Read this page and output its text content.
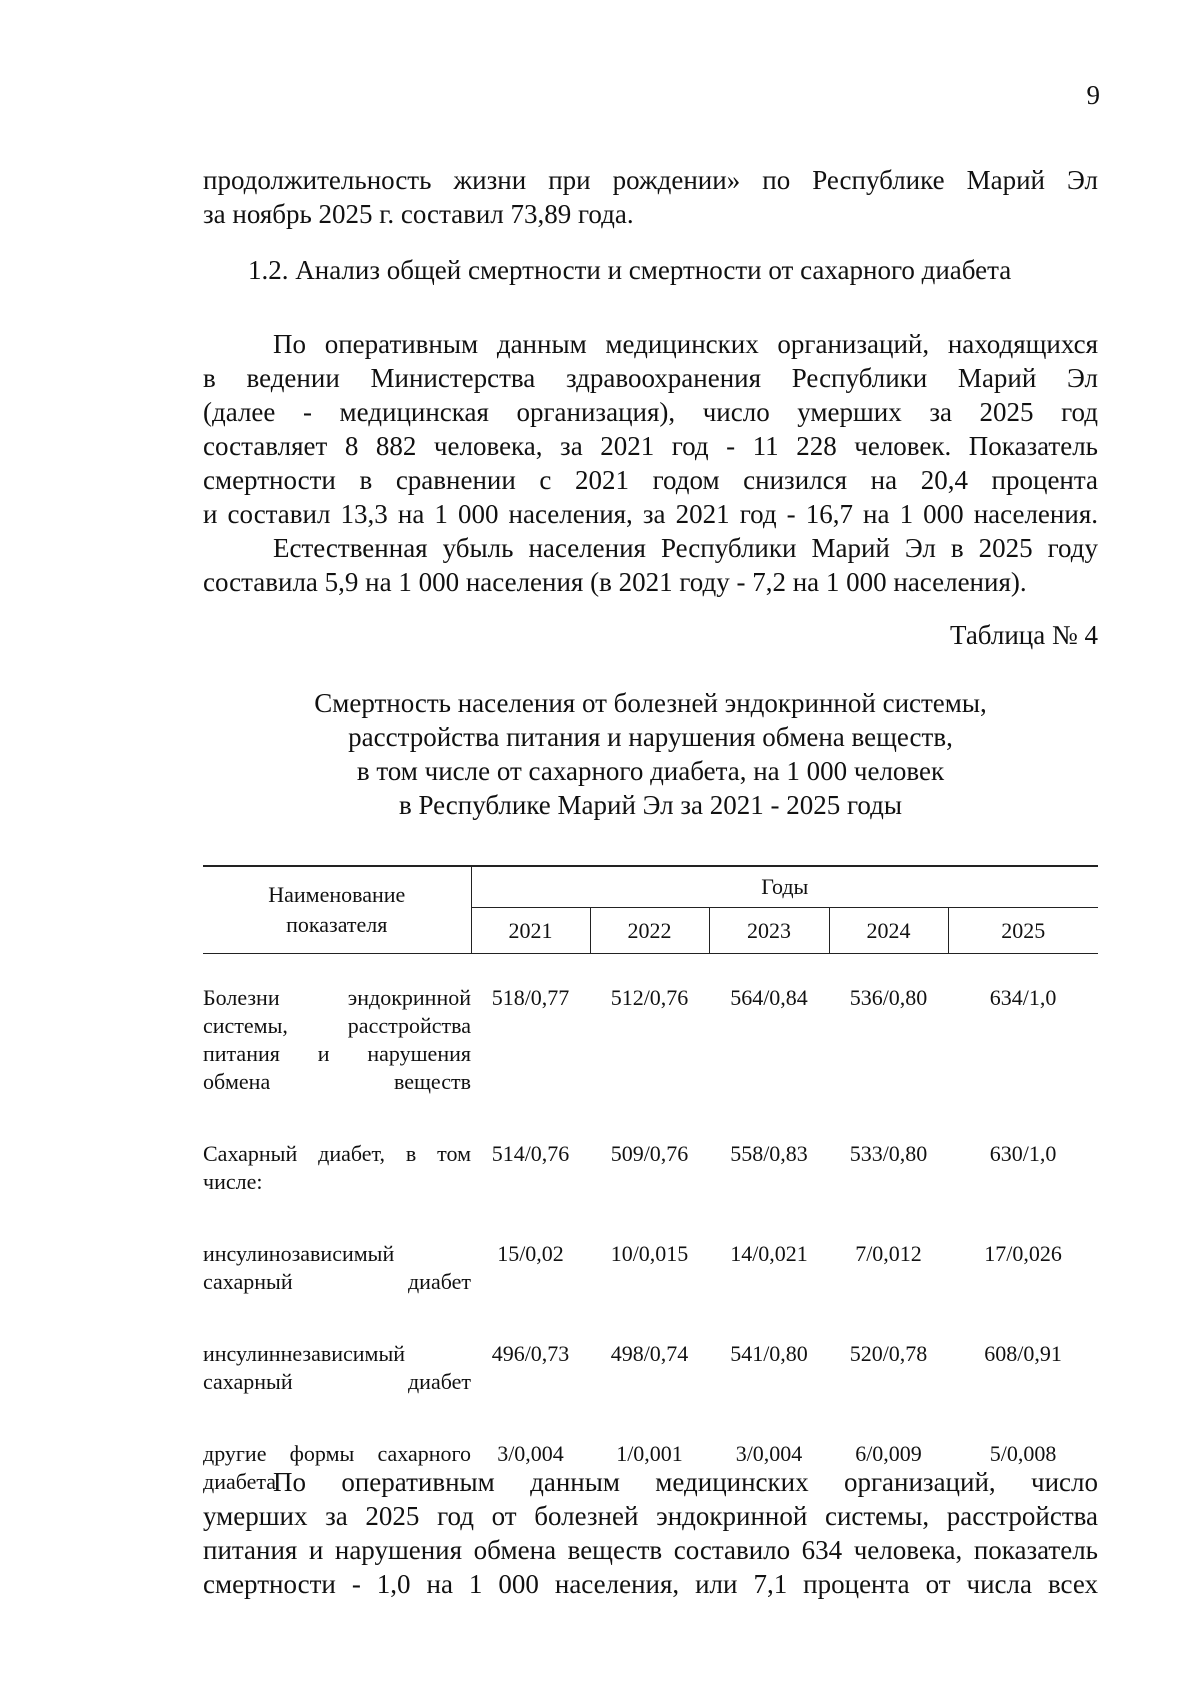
9
продолжительность жизни при рождении» по Республике Марий Эл
за ноябрь 2025 г. составил 73,89 года.
1.2. Анализ общей смертности и смертности от сахарного диабета
По оперативным данным медицинских организаций, находящихся
в ведении Министерства здравоохранения Республики Марий Эл
(далее - медицинская организация), число умерших за 2025 год
составляет 8 882 человека, за 2021 год - 11 228 человек. Показатель
смертности в сравнении с 2021 годом снизился на 20,4 процента
и составил 13,3 на 1 000 населения, за 2021 год - 16,7 на 1 000 населения.
Естественная убыль населения Республики Марий Эл в 2025 году
составила 5,9 на 1 000 населения (в 2021 году - 7,2 на 1 000 населения).
Таблица № 4
Смертность населения от болезней эндокринной системы,
расстройства питания и нарушения обмена веществ,
в том числе от сахарного диабета, на 1 000 человек
в Республике Марий Эл за 2021 - 2025 годы
Наименование
показателя	Годы				
	2021	2022	2023	2024	2025

Болезни эндокринной системы, расстройства питания и нарушения обмена веществ	518/0,77	512/0,76	564/0,84	536/0,80	634/1,0
Сахарный диабет, в том числе:	514/0,76	509/0,76	558/0,83	533/0,80	630/1,0
инсулинозависимый сахарный диабет	15/0,02	10/0,015	14/0,021	7/0,012	17/0,026
инсулиннезависимый сахарный диабет	496/0,73	498/0,74	541/0,80	520/0,78	608/0,91
другие формы сахарного диабета	3/0,004	1/0,001	3/0,004	6/0,009	5/0,008
По оперативным данным медицинских организаций, число
умерших за 2025 год от болезней эндокринной системы, расстройства
питания и нарушения обмена веществ составило 634 человека, показатель
смертности - 1,0 на 1 000 населения, или 7,1 процента от числа всех
